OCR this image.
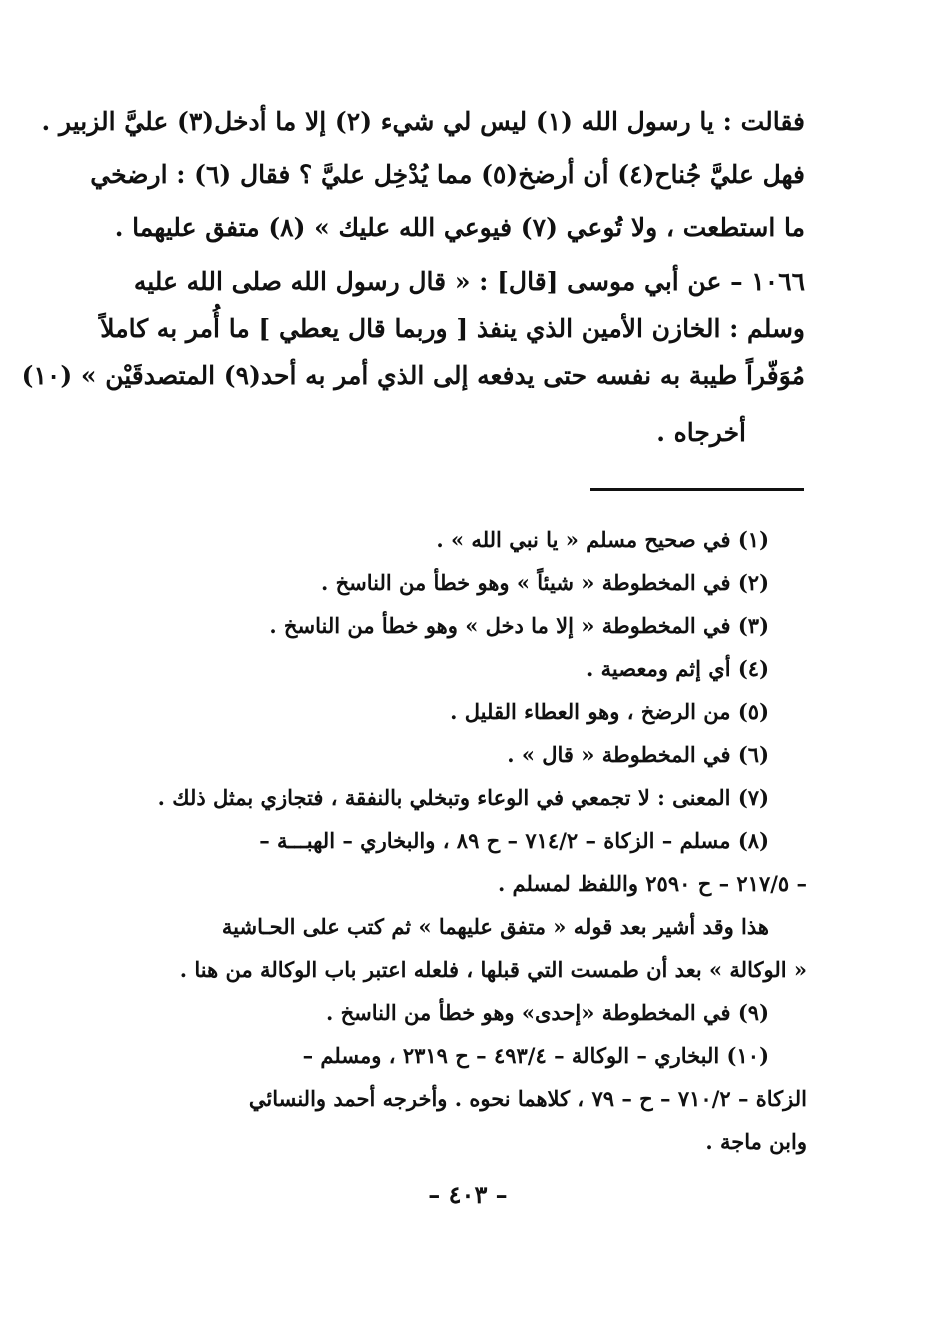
فقالت : يا رسول الله (١) ليس لي شيء (٢) إلا ما أدخل(٣) عليَّ الزبير .
فهل عليَّ جُناح(٤) أن أرضخ(٥) مما يُدْخِل عليَّ ؟ فقال (٦) : ارضخي
ما استطعت ، ولا تُوعي (٧) فيوعي الله عليك » (٨) متفق عليهما .
١٠٦٦ – عن أبي موسى [قال] : « قال رسول الله صلى الله عليه
وسلم : الخازن الأمين الذي ينفذ [ وربما قال يعطي ] ما أُمر به كاملاً
مُوَفّراً طيبة به نفسه حتى يدفعه إلى الذي أمر به أحد(٩) المتصدقَيْن » (١٠)
أخرجاه .
(١) في صحيح مسلم « يا نبي الله » .
(٢) في المخطوطة « شيئاً » وهو خطأ من الناسخ .
(٣) في المخطوطة « إلا ما دخل » وهو خطأ من الناسخ .
(٤) أي إثم ومعصية .
(٥) من الرضخ ، وهو العطاء القليل .
(٦) في المخطوطة « قال » .
(٧) المعنى : لا تجمعي في الوعاء وتبخلي بالنفقة ، فتجازي بمثل ذلك .
(٨) مسلم – الزكاة – ٧١٤/٢ – ح ٨٩ ، والبخاري – الهبـــة –
– ٢١٧/٥ – ح ٢٥٩٠ واللفظ لمسلم .
هذا وقد أشير بعد قوله « متفق عليهما » ثم كتب على الحـاشية
« الوكالة » بعد أن طمست التي قبلها ، فلعله اعتبر باب الوكالة من هنا .
(٩) في المخطوطة «إحدى» وهو خطأ من الناسخ .
(١٠) البخاري – الوكالة – ٤٩٣/٤ – ح ٢٣١٩ ، ومسلم –
الزكاة – ٧١٠/٢ – ح – ٧٩ ، كلاهما نحوه . وأخرجه أحمد والنسائي
وابن ماجة .
– ٤٠٣ –
